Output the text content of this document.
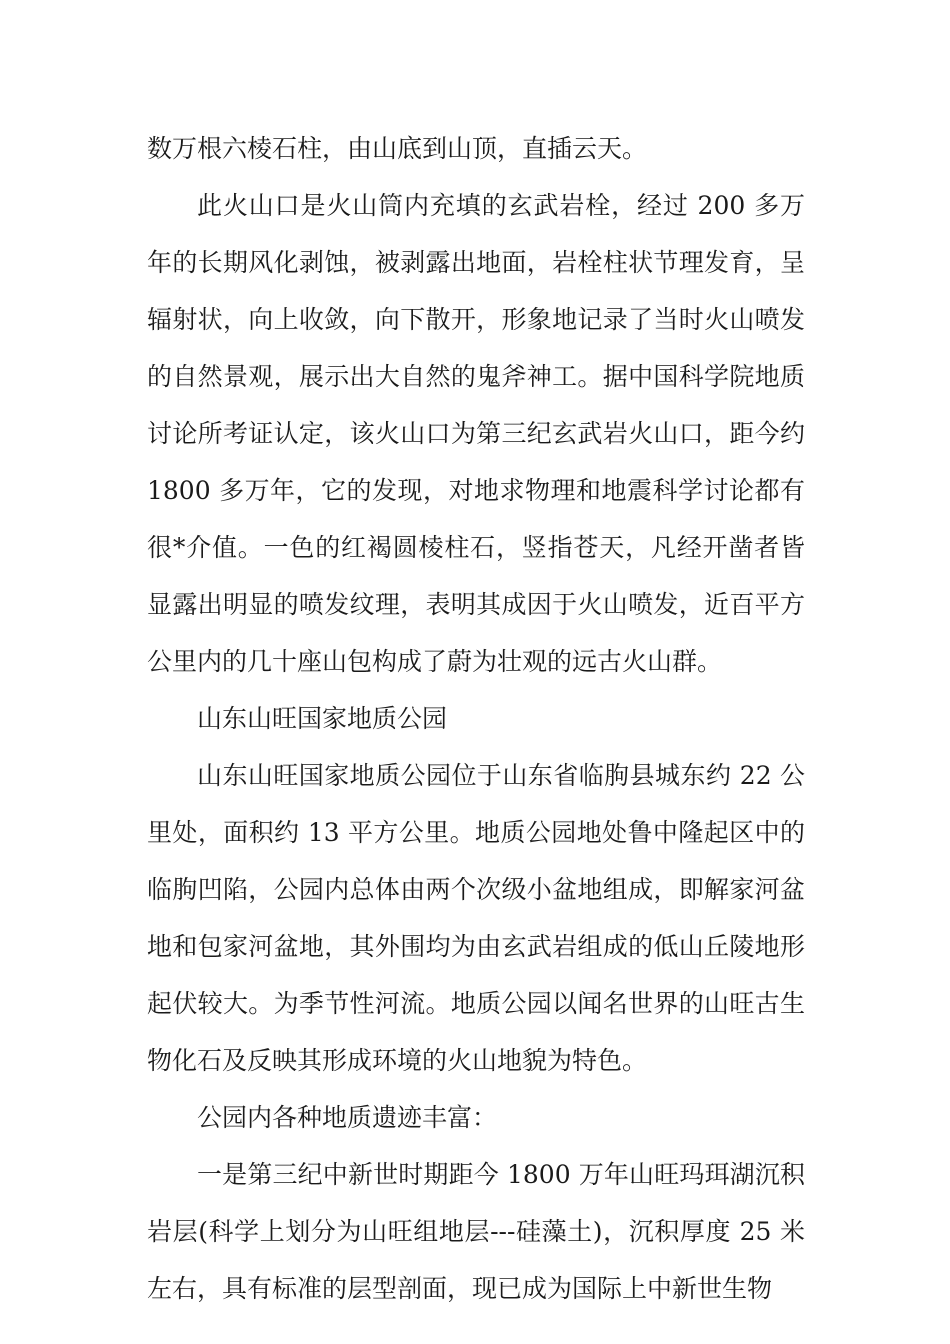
数万根六棱石柱，由山底到山顶，直插云天。

此火山口是火山筒内充填的玄武岩栓，经过 200 多万年的长期风化剥蚀，被剥露出地面，岩栓柱状节理发育，呈辐射状，向上收敛，向下散开，形象地记录了当时火山喷发的自然景观，展示出大自然的鬼斧神工。据中国科学院地质讨论所考证认定，该火山口为第三纪玄武岩火山口，距今约 1800 多万年，它的发现，对地求物理和地震科学讨论都有很*介值。一色的红褐圆棱柱石，竖指苍天，凡经开凿者皆显露出明显的喷发纹理，表明其成因于火山喷发，近百平方公里内的几十座山包构成了蔚为壮观的远古火山群。

山东山旺国家地质公园

山东山旺国家地质公园位于山东省临朐县城东约 22 公里处，面积约 13 平方公里。地质公园地处鲁中隆起区中的临朐凹陷，公园内总体由两个次级小盆地组成，即解家河盆地和包家河盆地，其外围均为由玄武岩组成的低山丘陵地形起伏较大。为季节性河流。地质公园以闻名世界的山旺古生物化石及反映其形成环境的火山地貌为特色。

公园内各种地质遗迹丰富：

一是第三纪中新世时期距今 1800 万年山旺玛珥湖沉积岩层(科学上划分为山旺组地层---硅藻土)，沉积厚度 25 米左右，具有标准的层型剖面，现已成为国际上中新世生物
